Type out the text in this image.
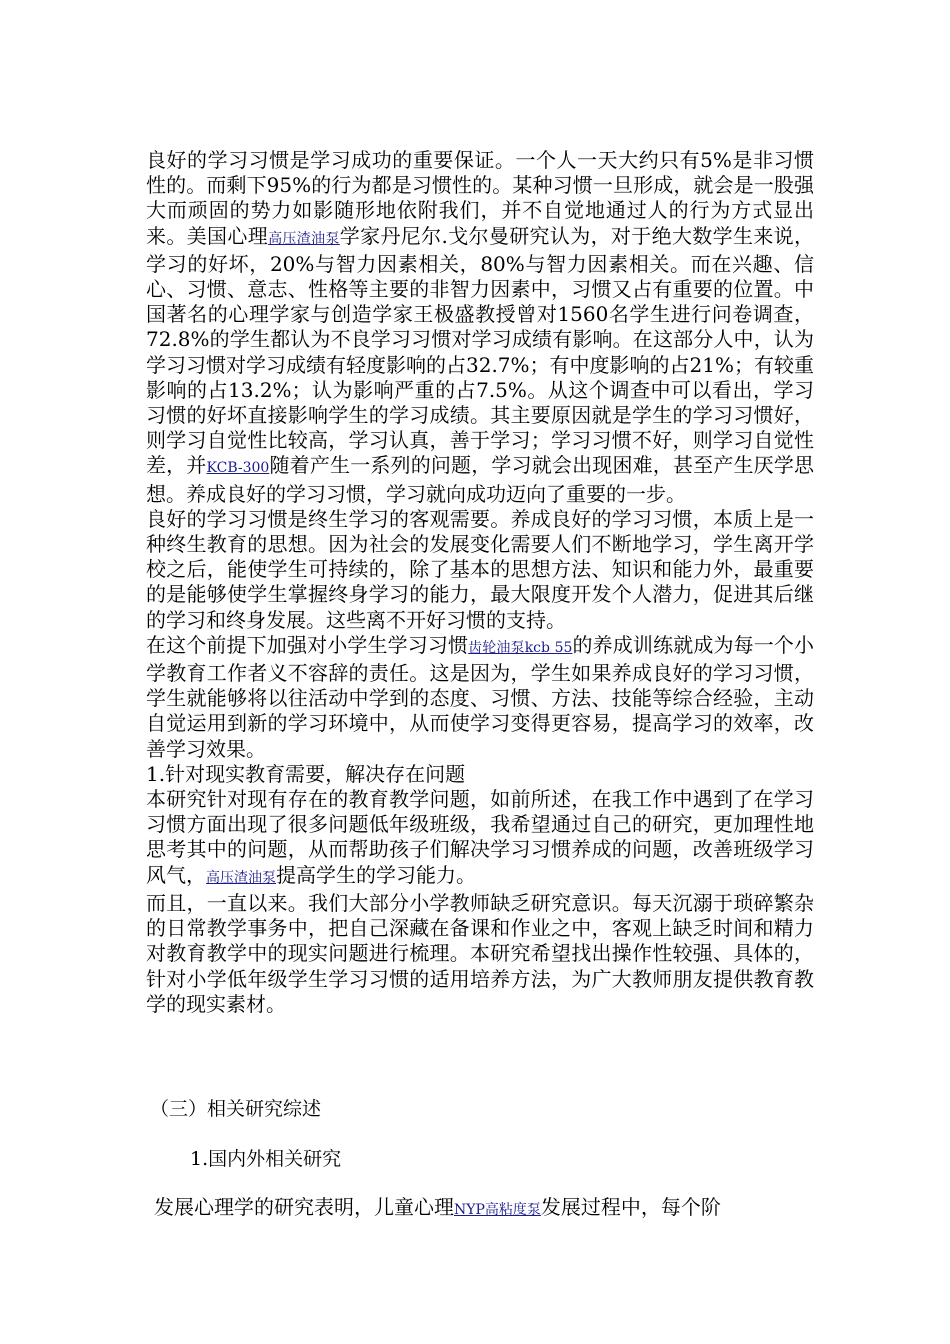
良好的学习习惯是学习成功的重要保证。一个人一天大约只有5%是非习惯性的。而剩下95%的行为都是习惯性的。某种习惯一旦形成，就会是一股强大而顽固的势力如影随形地依附我们，并不自觉地通过人的行为方式显出来。美国心理高压渣油泵学家丹尼尔.戈尔曼研究认为，对于绝大数学生来说，学习的好坏，20%与智力因素相关，80%与智力因素相关。而在兴趣、信心、习惯、意志、性格等主要的非智力因素中，习惯又占有重要的位置。中国著名的心理学家与创造学家王极盛教授曾对1560名学生进行问卷调查，72.8%的学生都认为不良学习习惯对学习成绩有影响。在这部分人中，认为学习习惯对学习成绩有轻度影响的占32.7%；有中度影响的占21%；有较重影响的占13.2%；认为影响严重的占7.5%。从这个调查中可以看出，学习习惯的好坏直接影响学生的学习成绩。其主要原因就是学生的学习习惯好，则学习自觉性比较高，学习认真，善于学习；学习习惯不好，则学习自觉性差，并KCB-300随着产生一系列的问题，学习就会出现困难，甚至产生厌学思想。养成良好的学习习惯，学习就向成功迈向了重要的一步。

良好的学习习惯是终生学习的客观需要。养成良好的学习习惯，本质上是一种终生教育的思想。因为社会的发展变化需要人们不断地学习，学生离开学校之后，能使学生可持续的，除了基本的思想方法、知识和能力外，最重要的是能够使学生掌握终身学习的能力，最大限度开发个人潜力，促进其后继的学习和终身发展。这些离不开好习惯的支持。

在这个前提下加强对小学生学习习惯齿轮油泵kcb 55的养成训练就成为每一个小学教育工作者义不容辞的责任。这是因为，学生如果养成良好的学习习惯，学生就能够将以往活动中学到的态度、习惯、方法、技能等综合经验，主动自觉运用到新的学习环境中，从而使学习变得更容易，提高学习的效率，改善学习效果。

1.针对现实教育需要，解决存在问题

本研究针对现有存在的教育教学问题，如前所述，在我工作中遇到了在学习习惯方面出现了很多问题低年级班级，我希望通过自己的研究，更加理性地思考其中的问题，从而帮助孩子们解决学习习惯养成的问题，改善班级学习风气，高压渣油泵提高学生的学习能力。

而且，一直以来。我们大部分小学教师缺乏研究意识。每天沉溺于琐碎繁杂的日常教学事务中，把自己深藏在备课和作业之中，客观上缺乏时间和精力对教育教学中的现实问题进行梳理。本研究希望找出操作性较强、具体的，针对小学低年级学生学习习惯的适用培养方法，为广大教师朋友提供教育教学的现实素材。

（三）相关研究综述
1.国内外相关研究
发展心理学的研究表明，儿童心理NYP高粘度泵发展过程中，每个阶
